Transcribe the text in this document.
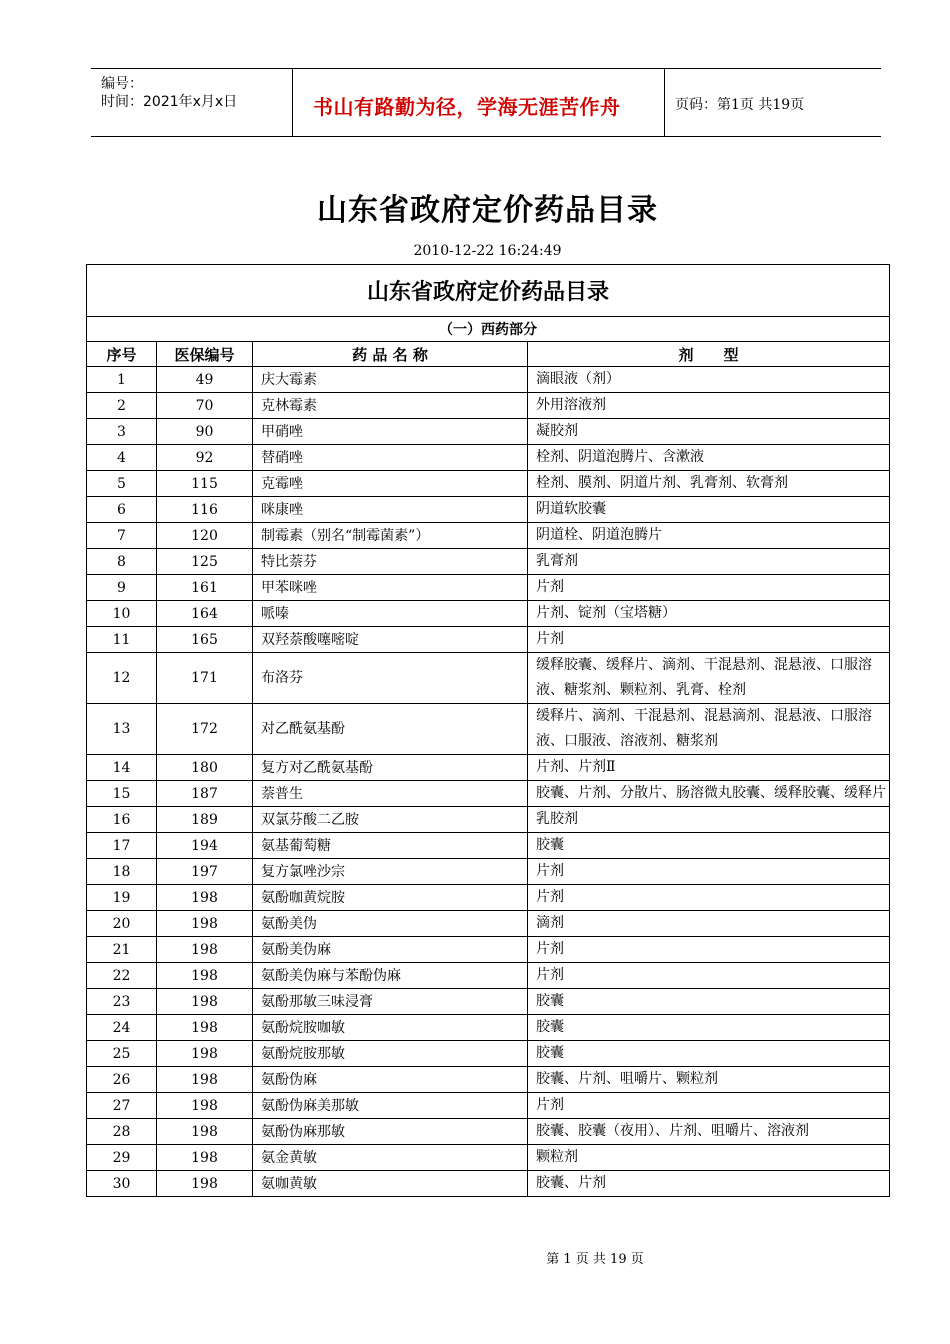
编号：
时间：2021年x月x日	书山有路勤为径，学海无涯苦作舟	页码：第1页 共19页
山东省政府定价药品目录
2010-12-22 16:24:49
山东省政府定价药品目录			
（一）西药部分			
序号	医保编号	药 品 名 称	剂　　型
1	49	庆大霉素	滴眼液（剂）
2	70	克林霉素	外用溶液剂
3	90	甲硝唑	凝胶剂
4	92	替硝唑	栓剂、阴道泡腾片、含漱液
5	115	克霉唑	栓剂、膜剂、阴道片剂、乳膏剂、软膏剂
6	116	咪康唑	阴道软胶囊
7	120	制霉素（别名“制霉菌素”）	阴道栓、阴道泡腾片
8	125	特比萘芬	乳膏剂
9	161	甲苯咪唑	片剂
10	164	哌嗪	片剂、锭剂（宝塔糖）
11	165	双羟萘酸噻嘧啶	片剂
12	171	布洛芬	缓释胶囊、缓释片、滴剂、干混悬剂、混悬液、口服溶液、糖浆剂、颗粒剂、乳膏、栓剂
13	172	对乙酰氨基酚	缓释片、滴剂、干混悬剂、混悬滴剂、混悬液、口服溶液、口服液、溶液剂、糖浆剂
14	180	复方对乙酰氨基酚	片剂、片剂Ⅱ
15	187	萘普生	胶囊、片剂、分散片、肠溶微丸胶囊、缓释胶囊、缓释片
16	189	双氯芬酸二乙胺	乳胶剂
17	194	氨基葡萄糖	胶囊
18	197	复方氯唑沙宗	片剂
19	198	氨酚咖黄烷胺	片剂
20	198	氨酚美伪	滴剂
21	198	氨酚美伪麻	片剂
22	198	氨酚美伪麻与苯酚伪麻	片剂
23	198	氨酚那敏三味浸膏	胶囊
24	198	氨酚烷胺咖敏	胶囊
25	198	氨酚烷胺那敏	胶囊
26	198	氨酚伪麻	胶囊、片剂、咀嚼片、颗粒剂
27	198	氨酚伪麻美那敏	片剂
28	198	氨酚伪麻那敏	胶囊、胶囊（夜用）、片剂、咀嚼片、溶液剂
29	198	氨金黄敏	颗粒剂
30	198	氨咖黄敏	胶囊、片剂
第 1 页 共 19 页
